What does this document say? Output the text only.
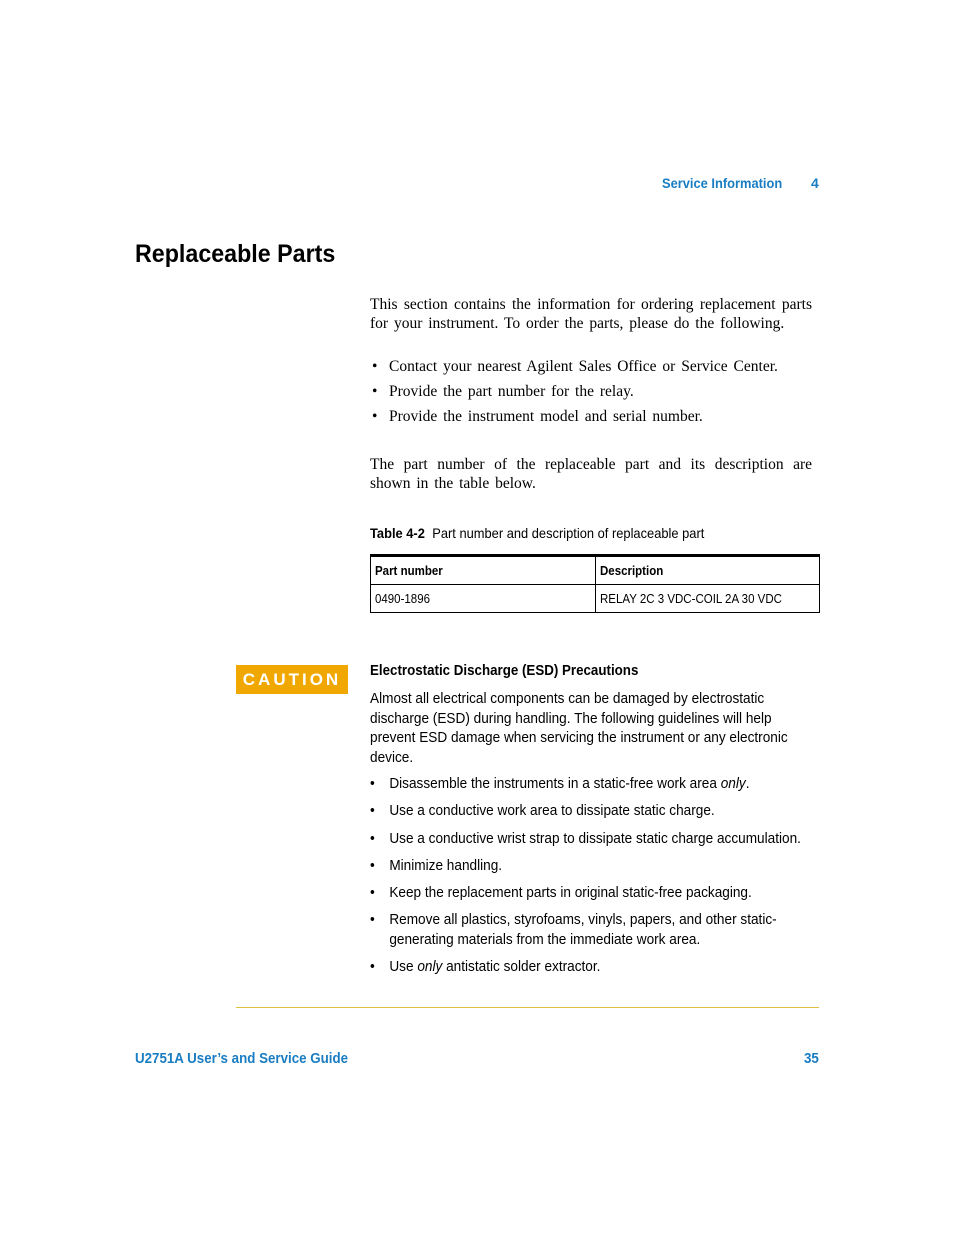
Service Information 4
Replaceable Parts

This section contains the information for ordering replacement parts for your instrument. To order the parts, please do the following.

• Contact your nearest Agilent Sales Office or Service Center.
• Provide the part number for the relay.
• Provide the instrument model and serial number.

The part number of the replaceable part and its description are shown in the table below.

Table 4-2 Part number and description of replaceable part
Part number	Description
0490-1896	RELAY 2C 3 VDC-COIL 2A 30 VDC
CAUTION	Electrostatic Discharge (ESD) Precautions

Almost all electrical components can be damaged by electrostatic discharge (ESD) during handling. The following guidelines will help prevent ESD damage when servicing the instrument or any electronic device.

• Disassemble the instruments in a static-free work area only.
• Use a conductive work area to dissipate static charge.
• Use a conductive wrist strap to dissipate static charge accumulation.
• Minimize handling.
• Keep the replacement parts in original static-free packaging.
• Remove all plastics, styrofoams, vinyls, papers, and other static-generating materials from the immediate work area.
• Use only antistatic solder extractor.
U2751A User’s and Service Guide	35
